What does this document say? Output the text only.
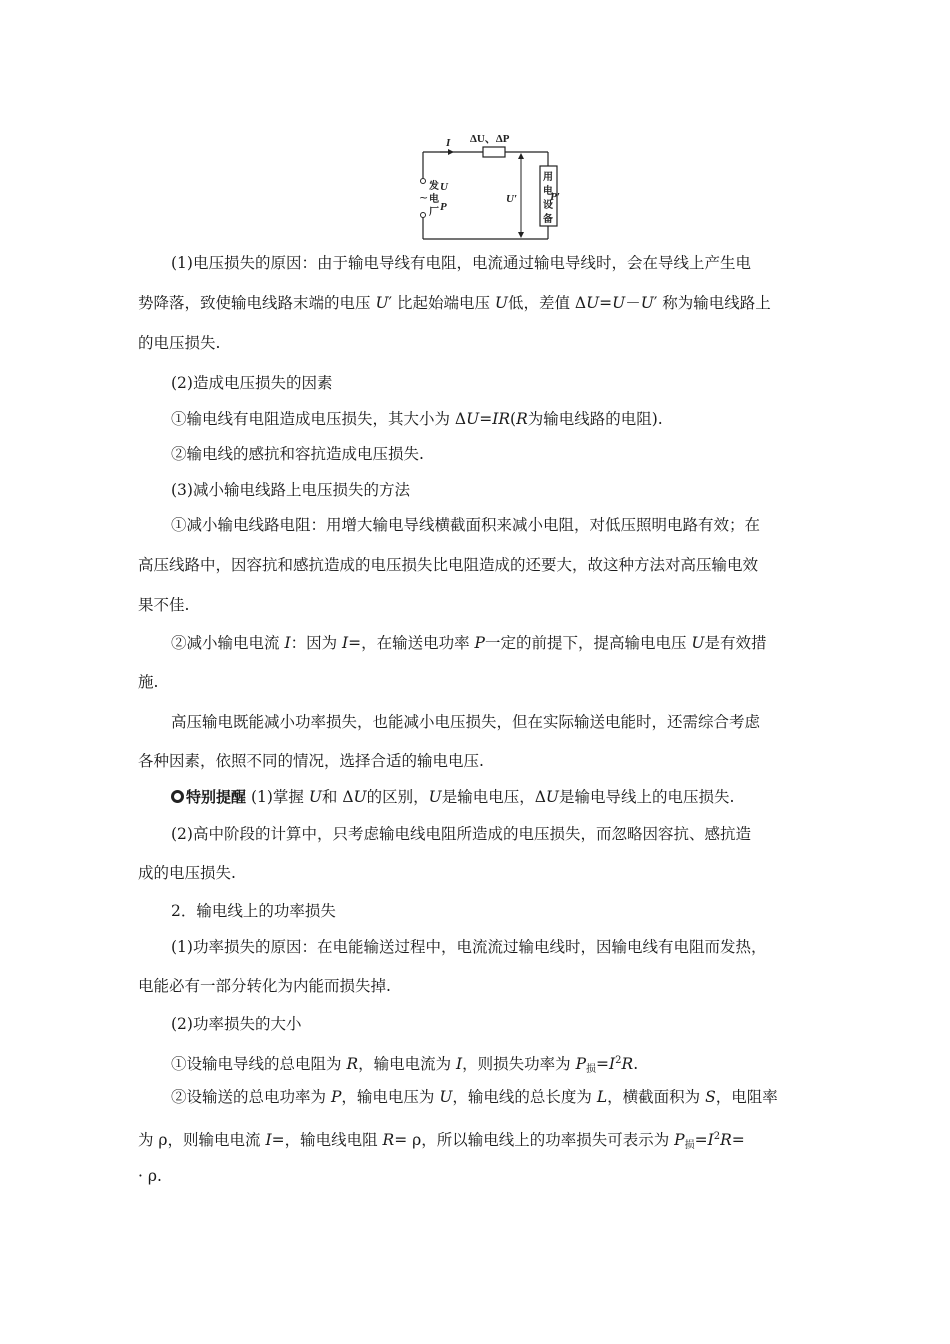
I ΔU、ΔP
~
发
电
厂
U
P
U′
用
电
设
备
P′

(1)电压损失的原因：由于输电导线有电阻，电流通过输电导线时，会在导线上产生电

势降落，致使输电线路末端的电压 U′ 比起始端电压 U低，差值 ΔU=U－U′ 称为输电线路上

的电压损失.

(2)造成电压损失的因素

①输电线有电阻造成电压损失，其大小为 ΔU=IR(R为输电线路的电阻).

②输电线的感抗和容抗造成电压损失.

(3)减小输电线路上电压损失的方法

①减小输电线路电阻：用增大输电导线横截面积来减小电阻，对低压照明电路有效；在

高压线路中，因容抗和感抗造成的电压损失比电阻造成的还要大，故这种方法对高压输电效

果不佳.

②减小输电电流 I：因为 I=，在输送电功率 P一定的前提下，提高输电电压 U是有效措

施.

高压输电既能减小功率损失，也能减小电压损失，但在实际输送电能时，还需综合考虑

各种因素，依照不同的情况，选择合适的输电电压.

特别提醒 (1)掌握 U和 ΔU的区别，U是输电电压，ΔU是输电导线上的电压损失.

(2)高中阶段的计算中，只考虑输电线电阻所造成的电压损失，而忽略因容抗、感抗造

成的电压损失.

2．输电线上的功率损失

(1)功率损失的原因：在电能输送过程中，电流流过输电线时，因输电线有电阻而发热，

电能必有一部分转化为内能而损失掉.

(2)功率损失的大小

①设输电导线的总电阻为 R，输电电流为 I，则损失功率为 $P_损=I^2R$.

②设输送的总电功率为 P，输电电压为 U，输电线的总长度为 L，横截面积为 S，电阻率

为 ρ，则输电电流 I=，输电线电阻 R= ρ，所以输电线上的功率损失可表示为 $P_损=I^2R=$

· ρ.
